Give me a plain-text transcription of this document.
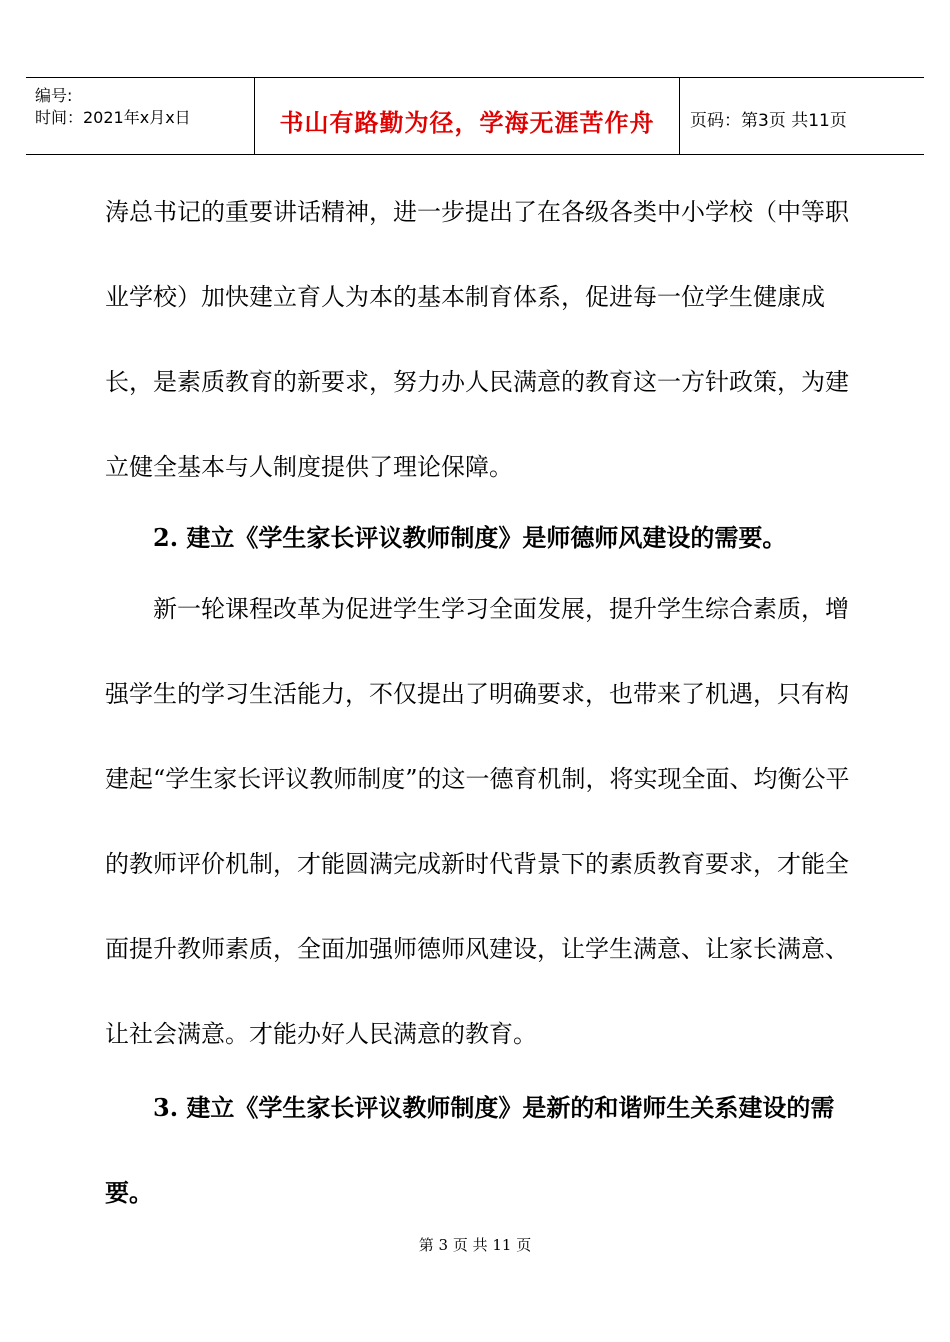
编号:
时间：2021年x月x日	书山有路勤为径，学海无涯苦作舟	页码：第3页 共11页
涛总书记的重要讲话精神，进一步提出了在各级各类中小学校（中等职业学校）加快建立育人为本的基本制育体系，促进每一位学生健康成长，是素质教育的新要求，努力办人民满意的教育这一方针政策，为建立健全基本与人制度提供了理论保障。
2. 建立《学生家长评议教师制度》是师德师风建设的需要。
新一轮课程改革为促进学生学习全面发展，提升学生综合素质，增强学生的学习生活能力，不仅提出了明确要求，也带来了机遇，只有构建起“学生家长评议教师制度”的这一德育机制，将实现全面、均衡公平的教师评价机制，才能圆满完成新时代背景下的素质教育要求，才能全面提升教师素质，全面加强师德师风建设，让学生满意、让家长满意、让社会满意。才能办好人民满意的教育。
3. 建立《学生家长评议教师制度》是新的和谐师生关系建设的需要。
第 3 页 共 11 页
